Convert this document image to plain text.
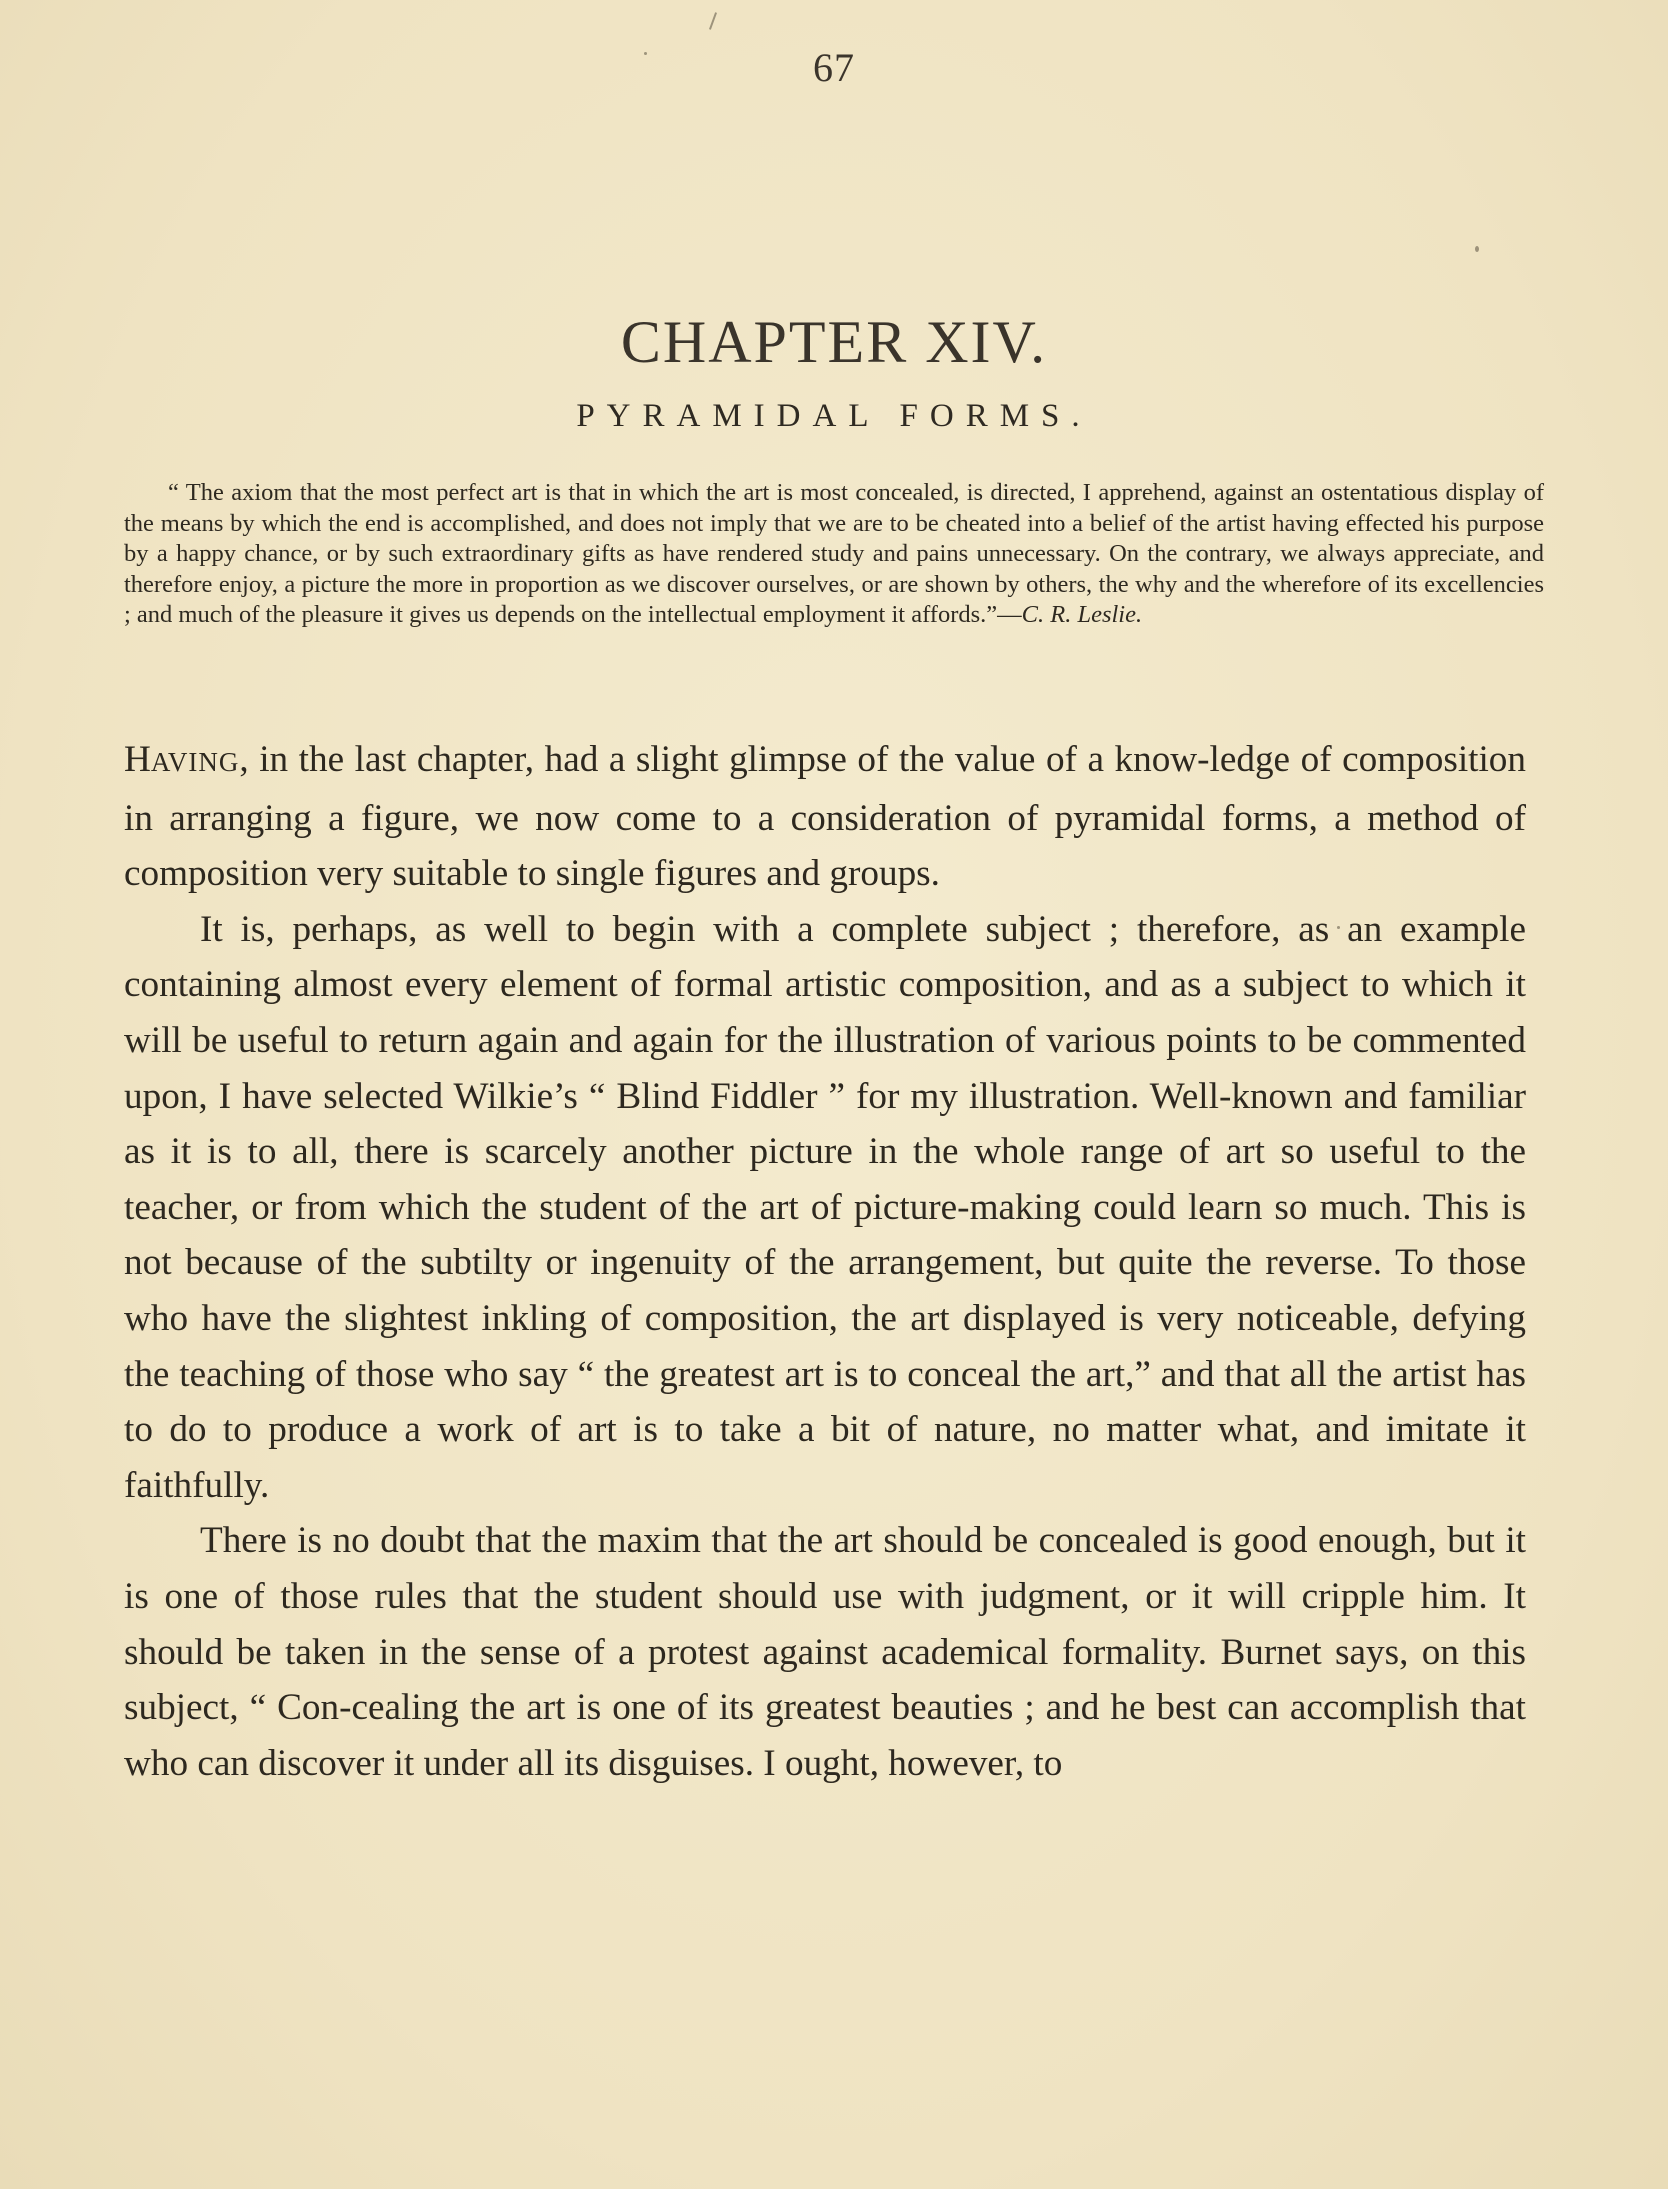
67
CHAPTER XIV.
PYRAMIDAL FORMS.
“ The axiom that the most perfect art is that in which the art is most concealed, is directed, I apprehend, against an ostentatious display of the means by which the end is accomplished, and does not imply that we are to be cheated into a belief of the artist having effected his purpose by a happy chance, or by such extraordinary gifts as have rendered study and pains unnecessary. On the contrary, we always appreciate, and therefore enjoy, a picture the more in proportion as we discover ourselves, or are shown by others, the why and the wherefore of its excellencies ; and much of the pleasure it gives us depends on the intellectual employment it affords.”—C. R. Leslie.

HAVING, in the last chapter, had a slight glimpse of the value of a know-ledge of composition in arranging a figure, we now come to a consideration of pyramidal forms, a method of composition very suitable to single figures and groups.

It is, perhaps, as well to begin with a complete subject ; therefore, as an example containing almost every element of formal artistic composition, and as a subject to which it will be useful to return again and again for the illustration of various points to be commented upon, I have selected Wilkie’s “ Blind Fiddler ” for my illustration. Well-known and familiar as it is to all, there is scarcely another picture in the whole range of art so useful to the teacher, or from which the student of the art of picture-making could learn so much. This is not because of the subtilty or ingenuity of the arrangement, but quite the reverse. To those who have the slightest inkling of composition, the art displayed is very noticeable, defying the teaching of those who say “ the greatest art is to conceal the art,” and that all the artist has to do to produce a work of art is to take a bit of nature, no matter what, and imitate it faithfully.

There is no doubt that the maxim that the art should be concealed is good enough, but it is one of those rules that the student should use with judgment, or it will cripple him. It should be taken in the sense of a protest against academical formality. Burnet says, on this subject, “ Con-cealing the art is one of its greatest beauties ; and he best can accomplish that who can discover it under all its disguises. I ought, however, to
